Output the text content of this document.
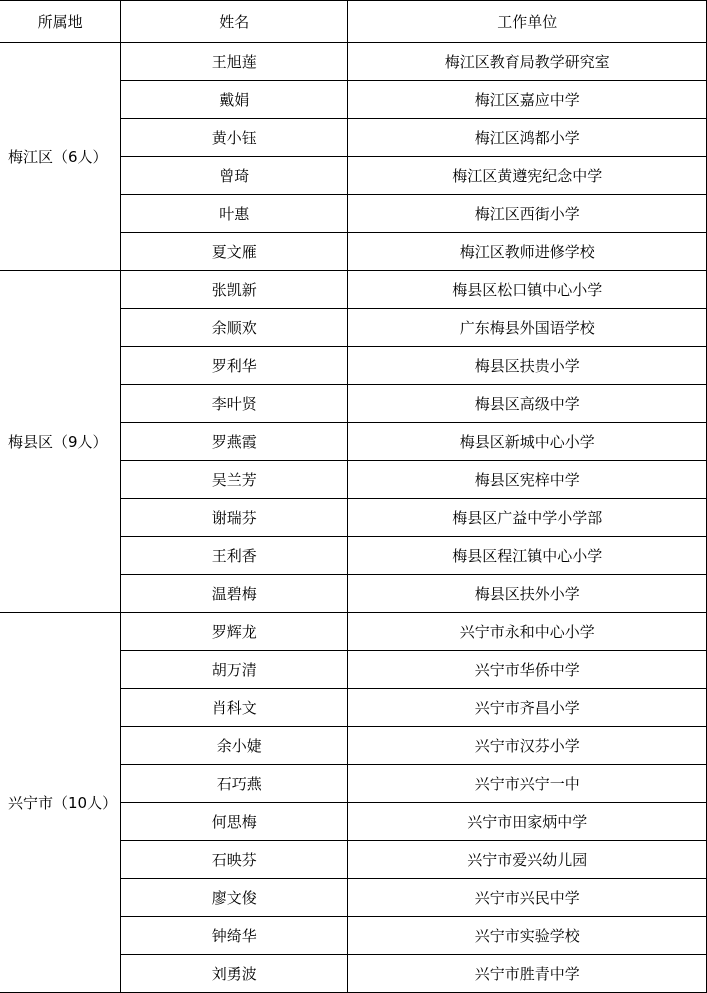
所属地	姓名	工作单位
梅江区（6人）	王旭莲	梅江区教育局教学研究室
	戴娟	梅江区嘉应中学
	黄小钰	梅江区鸿都小学
	曾琦	梅江区黄遵宪纪念中学
	叶惠	梅江区西街小学
	夏文雁	梅江区教师进修学校
梅县区（9人）	张凯新	梅县区松口镇中心小学
	余顺欢	广东梅县外国语学校
	罗利华	梅县区扶贵小学
	李叶贤	梅县区高级中学
	罗燕霞	梅县区新城中心小学
	吴兰芳	梅县区宪梓中学
	谢瑞芬	梅县区广益中学小学部
	王利香	梅县区程江镇中心小学
	温碧梅	梅县区扶外小学
兴宁市（10人）	罗辉龙	兴宁市永和中心小学
	胡万清	兴宁市华侨中学
	肖科文	兴宁市齐昌小学
	余小婕	兴宁市汉芬小学
	石巧燕	兴宁市兴宁一中
	何思梅	兴宁市田家炳中学
	石映芬	兴宁市爱兴幼儿园
	廖文俊	兴宁市兴民中学
	钟绮华	兴宁市实验学校
	刘勇波	兴宁市胜青中学
